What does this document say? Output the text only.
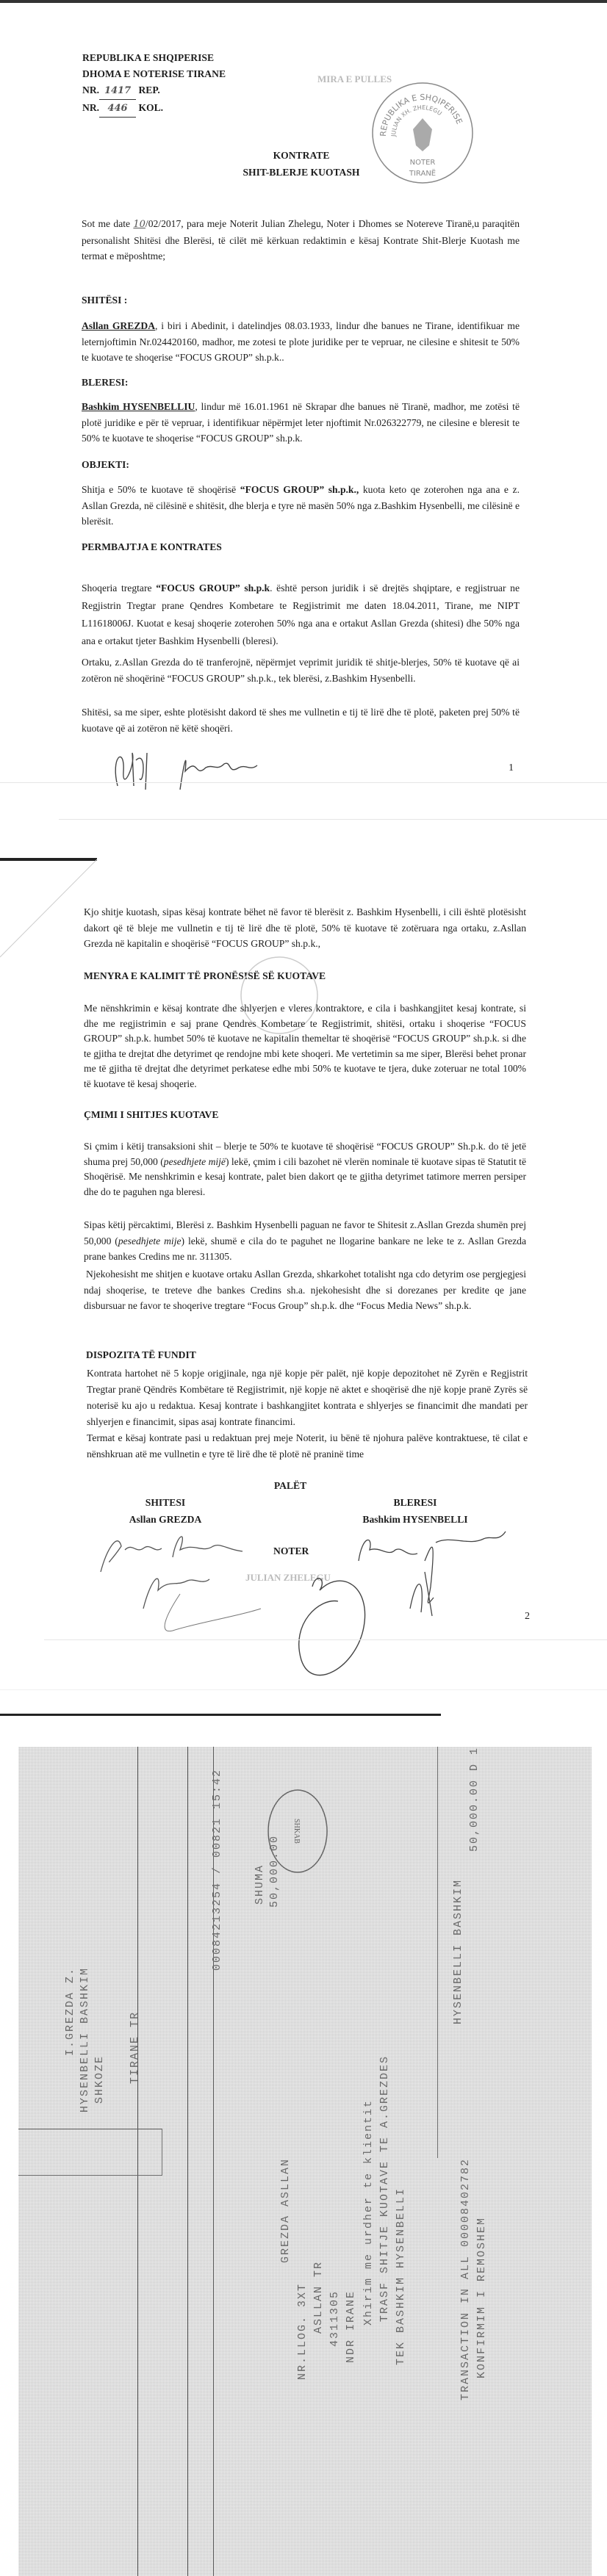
REPUBLIKA E SHQIPERISE
DHOMA E NOTERISE TIRANE
NR. 1417 REP.
NR. 446 KOL.
MIRA E PULLES
REPUBLIKA E SHQIPERISE
JULIAN XH. ZHELEGU
NOTER
TIRANË
KONTRATE
SHIT-BLERJE KUOTASH
Sot me date 10/02/2017, para meje Noterit Julian Zhelegu, Noter i Dhomes se Notereve Tiranë,u paraqitën personalisht Shitësi dhe Blerësi, të cilët më kërkuan redaktimin e kësaj Kontrate Shit-Blerje Kuotash me termat e mëposhtme;
SHITËSI :
Asllan GREZDA, i biri i Abedinit, i datelindjes 08.03.1933, lindur dhe banues ne Tirane, identifikuar me leternjoftimin Nr.024420160, madhor, me zotesi te plote juridike per te vepruar, ne cilesine e shitesit te 50% te kuotave te shoqerise “FOCUS GROUP” sh.p.k..
BLERESI:
Bashkim HYSENBELLIU, lindur më 16.01.1961 në Skrapar dhe banues në Tiranë, madhor, me zotësi të plotë juridike e për të vepruar, i identifikuar nëpërmjet leter njoftimit Nr.026322779, ne cilesine e bleresit te 50% te kuotave te shoqerise “FOCUS GROUP” sh.p.k.
OBJEKTI:
Shitja e 50% te kuotave të shoqërisë “FOCUS GROUP” sh.p.k., kuota keto qe zoterohen nga ana e z. Asllan Grezda, në cilësinë e shitësit, dhe blerja e tyre në masën 50% nga z.Bashkim Hysenbelli, me cilësinë e blerësit.
PERMBAJTJA E KONTRATES
Shoqeria tregtare “FOCUS GROUP” sh.p.k. është person juridik i së drejtës shqiptare, e regjistruar ne Regjistrin Tregtar prane Qendres Kombetare te Regjistrimit me daten 18.04.2011, Tirane, me NIPT L11618006J. Kuotat e kesaj shoqerie zoterohen 50% nga ana e ortakut Asllan Grezda (shitesi) dhe 50% nga ana e ortakut tjeter Bashkim Hysenbelli (bleresi).
Ortaku, z.Asllan Grezda do të tranferojnë, nëpërmjet veprimit juridik të shitje-blerjes, 50% të kuotave që ai zotëron në shoqërinë “FOCUS GROUP” sh.p.k., tek blerësi, z.Bashkim Hysenbelli.
Shitësi, sa me siper, eshte plotësisht dakord të shes me vullnetin e tij të lirë dhe të plotë, paketen prej 50% të kuotave që ai zotëron në këtë shoqëri.
1
Kjo shitje kuotash, sipas kësaj kontrate bëhet në favor të blerësit z. Bashkim Hysenbelli, i cili është plotësisht dakort që të bleje me vullnetin e tij të lirë dhe të plotë, 50% të kuotave të zotëruara nga ortaku, z.Asllan Grezda në kapitalin e shoqërisë “FOCUS GROUP” sh.p.k.,
MENYRA E KALIMIT TË PRONËSISË SË KUOTAVE
Me nënshkrimin e kësaj kontrate dhe shlyerjen e vleres kontraktore, e cila i bashkangjitet kesaj kontrate, si dhe me regjistrimin e saj prane Qendres Kombetare te Regjistrimit, shitësi, ortaku i shoqerise “FOCUS GROUP” sh.p.k. humbet 50% të kuotave ne kapitalin themeltar të shoqërisë “FOCUS GROUP” sh.p.k. si dhe te gjitha te drejtat dhe detyrimet qe rendojne mbi kete shoqeri. Me vertetimin sa me siper, Blerësi behet pronar me të gjitha të drejtat dhe detyrimet perkatese edhe mbi 50% te kuotave te tjera, duke zoteruar ne total 100% të kuotave të kesaj shoqerie.
ÇMIMI I SHITJES KUOTAVE
Si çmim i këtij transaksioni shit – blerje te 50% te kuotave të shoqërisë “FOCUS GROUP” Sh.p.k. do të jetë shuma prej 50,000 (pesedhjete mijë) lekë, çmim i cili bazohet në vlerën nominale të kuotave sipas të Statutit të Shoqërisë. Me nenshkrimin e kesaj kontrate, palet bien dakort qe te gjitha detyrimet tatimore merren persiper dhe do te paguhen nga bleresi.
Sipas këtij përcaktimi, Blerësi z. Bashkim Hysenbelli paguan ne favor te Shitesit z.Asllan Grezda shumën prej 50,000 (pesedhjete mije) lekë, shumë e cila do te paguhet ne llogarine bankare ne leke te z. Asllan Grezda prane bankes Credins me nr. 311305.
Njekohesisht me shitjen e kuotave ortaku Asllan Grezda, shkarkohet totalisht nga cdo detyrim ose pergjegjesi ndaj shoqerise, te treteve dhe bankes Credins sh.a. njekohesisht dhe si dorezanes per kredite qe jane disbursuar ne favor te shoqerive tregtare “Focus Group” sh.p.k. dhe “Focus Media News” sh.p.k.
DISPOZITA TË FUNDIT
Kontrata hartohet në 5 kopje origjinale, nga një kopje për palët, një kopje depozitohet në Zyrën e Regjistrit Tregtar pranë Qëndrës Kombëtare të Regjistrimit, një kopje në aktet e shoqërisë dhe një kopje pranë Zyrës së noterisë ku ajo u redaktua. Kesaj kontrate i bashkangjitet kontrata e shlyerjes se financimit dhe mandati per shlyerjen e financimit, sipas asaj kontrate financimi.
Termat e kësaj kontrate pasi u redaktuan prej meje Noterit, iu bënë të njohura palëve kontraktuese, të cilat e nënshkruan atë me vullnetin e tyre të lirë dhe të plotë në praninë time
PALËT
SHITESI
Asllan GREZDA
BLERESI
Bashkim HYSENBELLI
NOTER
JULIAN ZHELEGU
2
I.GREZDA Z. HYSENBELLI BASHKIM SHKOZE TIRANE TR
00084213254 / 00821 15:42	SHUMA 50,000.00
SHKAB
HYSENBELLI BASHKIM
50,000.00 D 1
GREZDA ASLLAN
NR.LLOG. 3XT ASLLAN TR 4311305 NDR IRANE
Xhirim me urdher te klientit TRASF SHITJE KUOTAVE TE A.GREZDES TEK BASHKIM HYSENBELLI	TRANSACTION IN ALL 00008402782 KONFIRMIM I REMOSHEM
